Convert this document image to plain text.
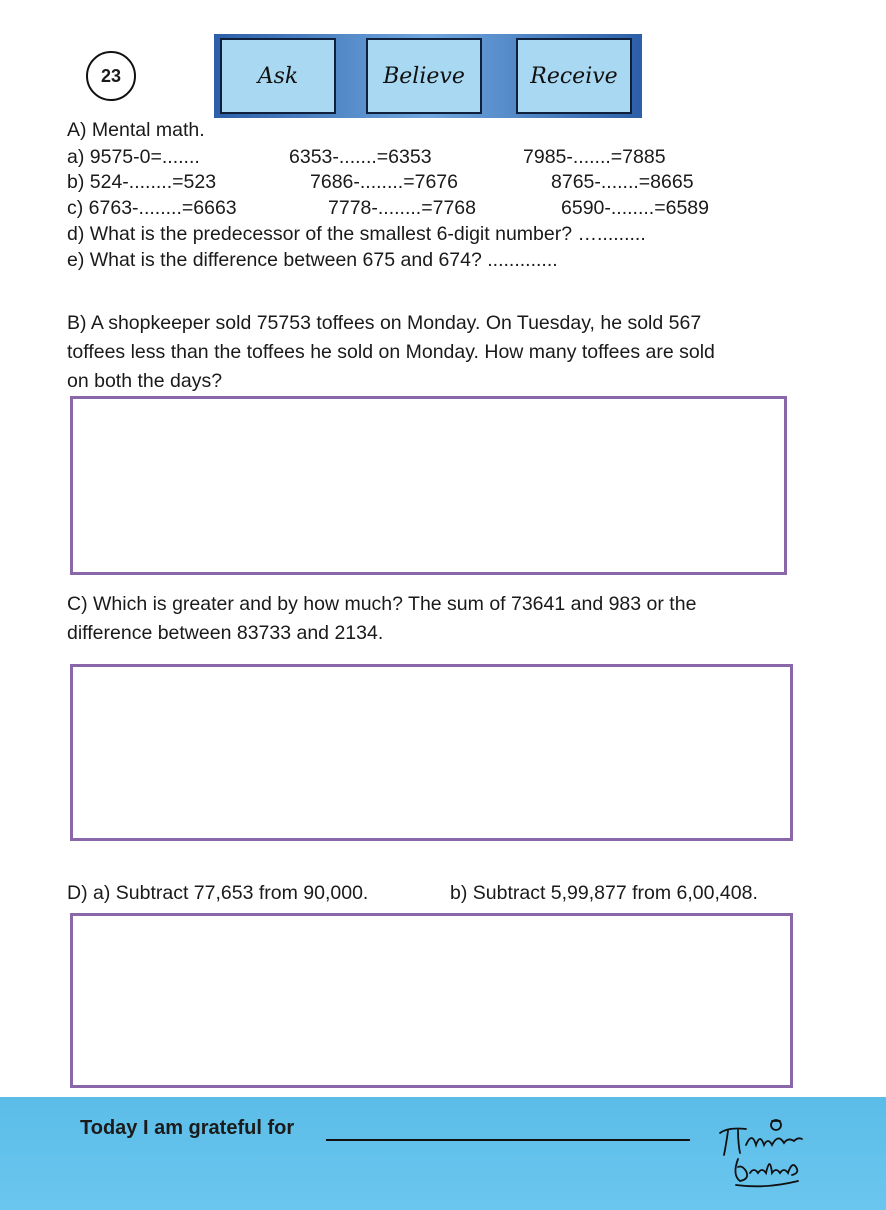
23	Ask	Believe	Receive
A) Mental math.
a) 9575-0=.......	6353-.......=6353	7985-.......=7885
b) 524-........=523	7686-........=7676	8765-.......=8665
c) 6763-........=6663	7778-........=7768	6590-........=6589
d) What is the predecessor of the smallest 6-digit number? ….........
e) What is the difference between 675 and 674? .............
B) A shopkeeper sold 75753 toffees on Monday. On Tuesday, he sold 567
toffees less than the toffees he sold on Monday. How many toffees are sold
on both the days?
C) Which is greater and by how much? The sum of 73641 and 983 or the
difference between 83733 and 2134.
D) a) Subtract 77,653 from 90,000.	b) Subtract 5,99,877 from 6,00,408.
Today I am grateful for
